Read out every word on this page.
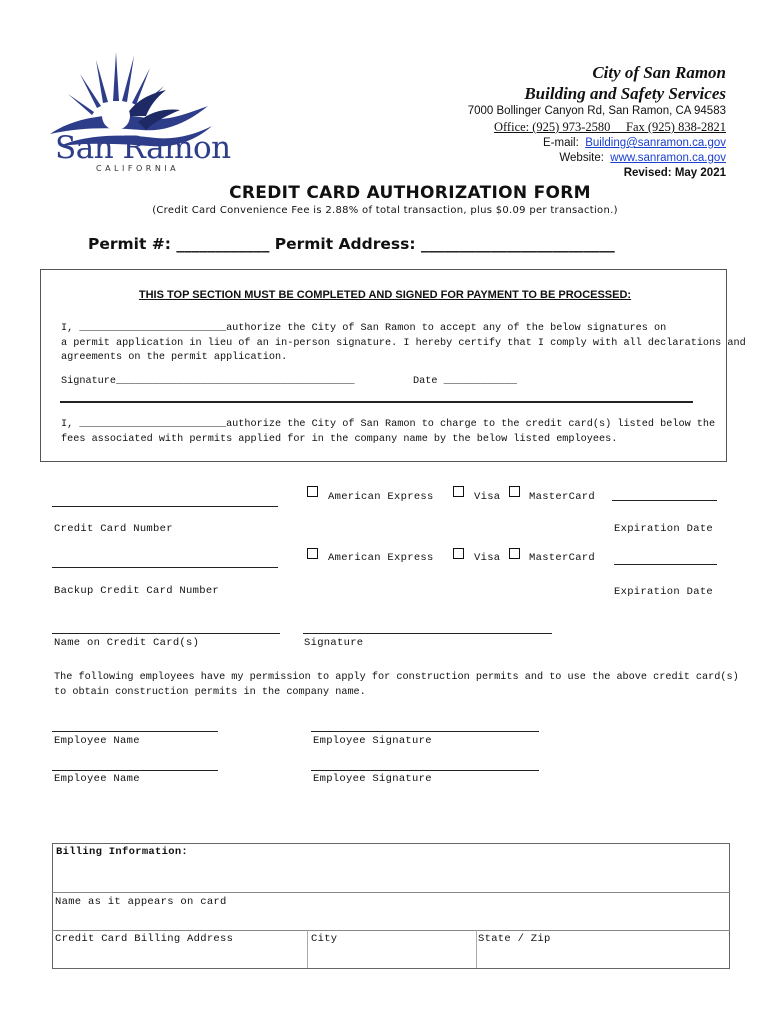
San Ramon
CALIFORNIA
City of San Ramon
Building and Safety Services
7000 Bollinger Canyon Rd, San Ramon, CA 94583
Office: (925) 973-2580 Fax (925) 838-2821
E-mail: Building@sanramon.ca.gov
Website: www.sanramon.ca.gov
Revised: May 2021
CREDIT CARD AUTHORIZATION FORM
(Credit Card Convenience Fee is 2.88% of total transaction, plus $0.09 per transaction.)
Permit #: ____________ Permit Address: _________________________
THIS TOP SECTION MUST BE COMPLETED AND SIGNED FOR PAYMENT TO BE PROCESSED:
I, ________________________authorize the City of San Ramon to accept any of the below signatures on
a permit application in lieu of an in-person signature. I hereby certify that I comply with all declarations and
agreements on the permit application.
Signature_______________________________________	Date ____________
I, ________________________authorize the City of San Ramon to charge to the credit card(s) listed below the
fees associated with permits applied for in the company name by the below listed employees.
American Express	Visa	MasterCard
Credit Card Number	Expiration Date
American Express	Visa	MasterCard
Backup Credit Card Number	Expiration Date
Name on Credit Card(s)	Signature
The following employees have my permission to apply for construction permits and to use the above credit card(s)
to obtain construction permits in the company name.
Employee Name	Employee Signature
Employee Name	Employee Signature
Billing Information:
Name as it appears on card
Credit Card Billing Address	City	State / Zip
